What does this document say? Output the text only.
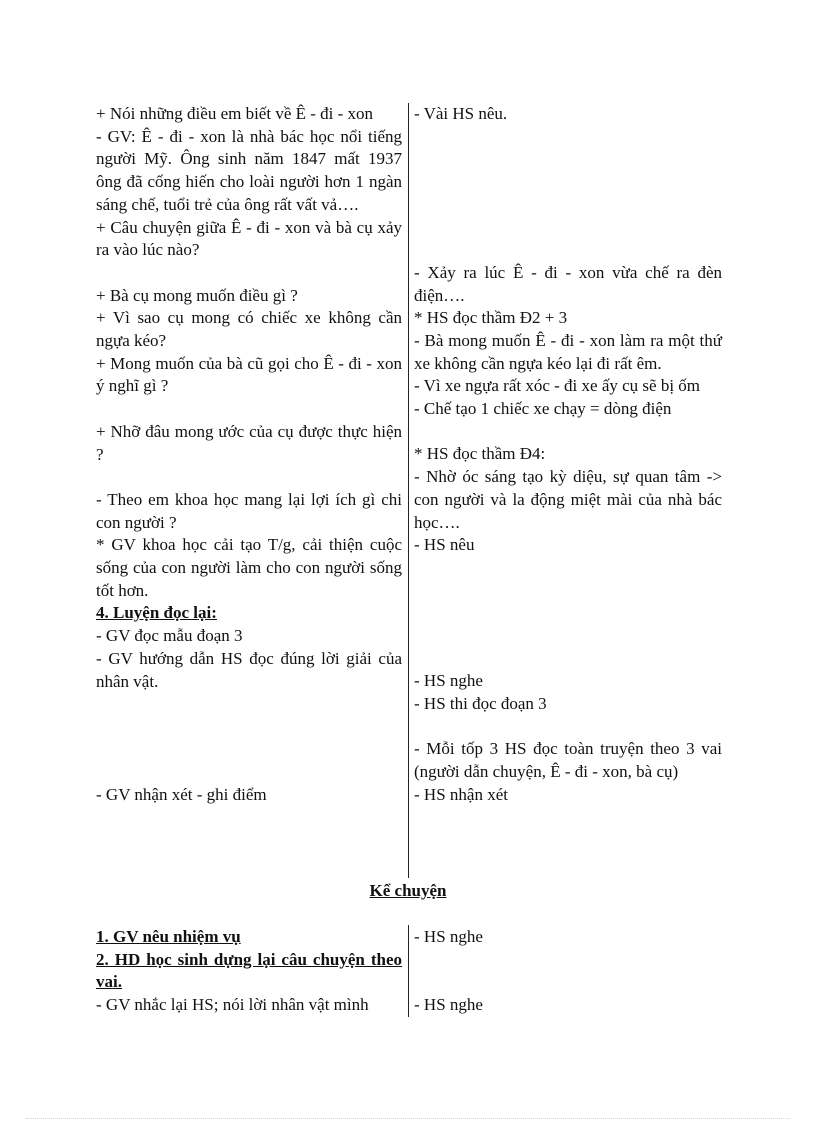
+ Nói những điều em biết về Ê - đi - xon

- GV: Ê - đi - xon là nhà bác học nổi tiếng người Mỹ. Ông sinh năm 1847 mất 1937 ông đã cống hiến cho loài người hơn 1 ngàn sáng chế, tuổi trẻ của ông rất vất vả….

+ Câu chuyện giữa Ê - đi - xon và bà cụ xảy ra vào lúc nào?

+ Bà cụ mong muốn điều gì ?

+ Vì sao cụ mong có chiếc xe không cần ngựa kéo?

+ Mong muốn của bà cũ gọi cho Ê - đi - xon ý nghĩ gì ?

+ Nhỡ đâu mong ước của cụ được thực hiện ?

- Theo em khoa học mang lại lợi ích gì chi con người ?

* GV khoa học cải tạo T/g, cải thiện cuộc sống của con người làm cho con người sống tốt hơn.

4. Luyện đọc lại:

- GV đọc mẫu đoạn 3

- GV hướng dẫn HS đọc đúng lời giải của nhân vật.

- GV nhận xét - ghi điểm

- Vài HS nêu.

- Xảy ra lúc Ê - đi - xon vừa chế ra đèn điện….

* HS đọc thầm Đ2 + 3

- Bà mong muốn Ê - đi - xon làm ra một thứ xe không cần ngựa kéo lại đi rất êm.

- Vì xe ngựa rất xóc - đi xe ấy cụ sẽ bị ốm

- Chế tạo 1 chiếc xe chạy = dòng điện

* HS đọc thầm Đ4:

- Nhờ óc sáng tạo kỳ diệu, sự quan tâm -> con người và la động miệt mài của nhà bác học….

- HS nêu

- HS nghe

- HS thi đọc đoạn 3

- Mỗi tốp 3 HS đọc toàn truyện theo 3 vai (người dẫn chuyện, Ê - đi - xon, bà cụ)

- HS nhận xét

Kể chuyện

1. GV nêu nhiệm vụ

2. HD học sinh dựng lại câu chuyện theo vai.

- GV nhắc lại HS; nói lời nhân vật mình

- HS nghe

- HS nghe
